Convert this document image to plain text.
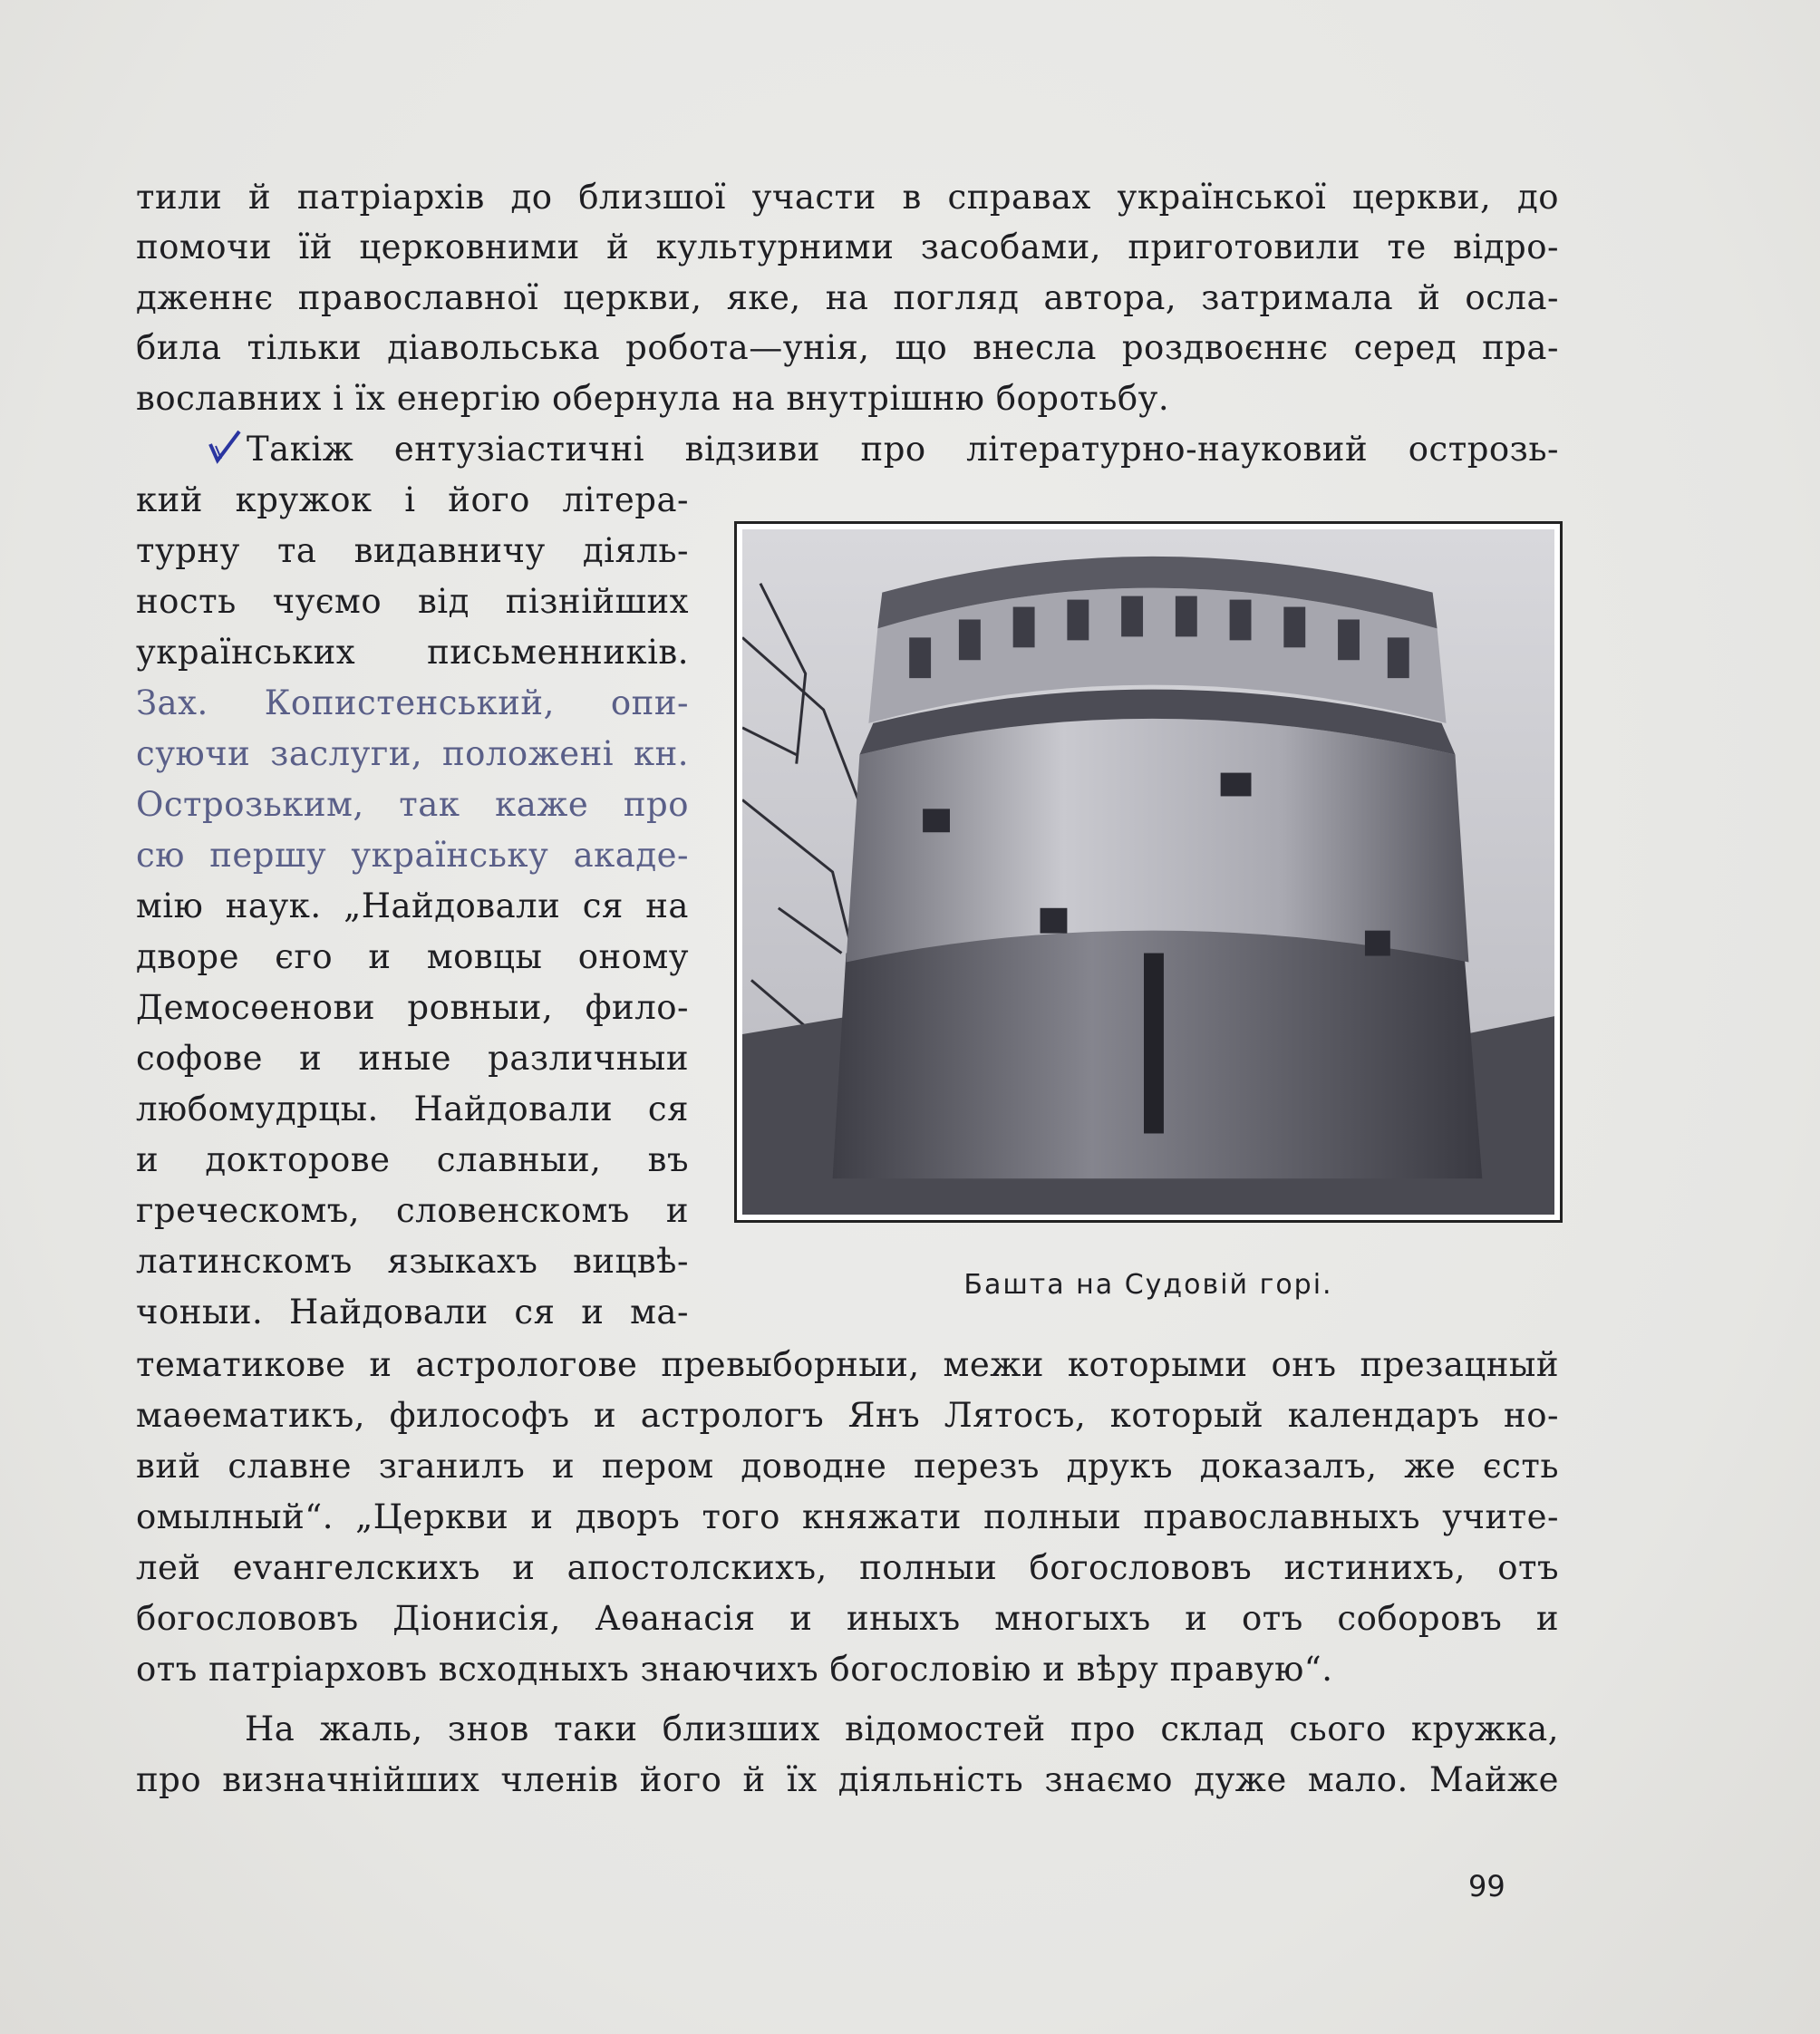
тили й патріархів до близшої участи в справах української церкви, до
помочи їй церковними й культурними засобами, приготовили те відро-
дженнє православної церкви, яке, на погляд автора, затримала й осла-
била тільки діавольська робота—унія, що внесла роздвоєннє серед пра-
вославних і їх енергію обернула на внутрішню боротьбу.
Такіж ентузіастичні відзиви про літературно-науковий острозь-
кий кружок і його літера-
турну та видавничу діяль-
ность чуємо від пізнійших
українських письменників.
Зах. Копистенський, опи-
суючи заслуги, положені кн.
Острозьким, так каже про
сю першу українську акаде-
мію наук. „Найдовали ся на
дворе єго и мовцы оному
Демосѳенови ровныи, фило-
софове и иные различныи
любомудрцы. Найдовали ся
и докторове славныи, въ
греческомъ, словенскомъ и
латинскомъ языкахъ вицвѣ-
чоныи. Найдовали ся и ма-
Башта на Судовій горі.
тематикове и астрологове превыборныи, межи которыми онъ презацный
маѳематикъ, философъ и астрологъ Янъ Лятосъ, который календаръ но-
вий славне зганилъ и пером доводне перезъ друкъ доказалъ, же єсть
омылный“. „Церкви и дворъ того княжати полныи православныхъ учите-
лей еvангелскихъ и апостолскихъ, полныи богослововъ истинихъ, отъ
богослововъ Діонисія, Аѳанасія и иныхъ многыхъ и отъ соборовъ и
отъ патріарховъ всходныхъ знаючихъ богословію и вѣру правую“.
На жаль, знов таки близших відомостей про склад сього кружка,
про визначнійших членів його й їх діяльність знаємо дуже мало. Майже
99
